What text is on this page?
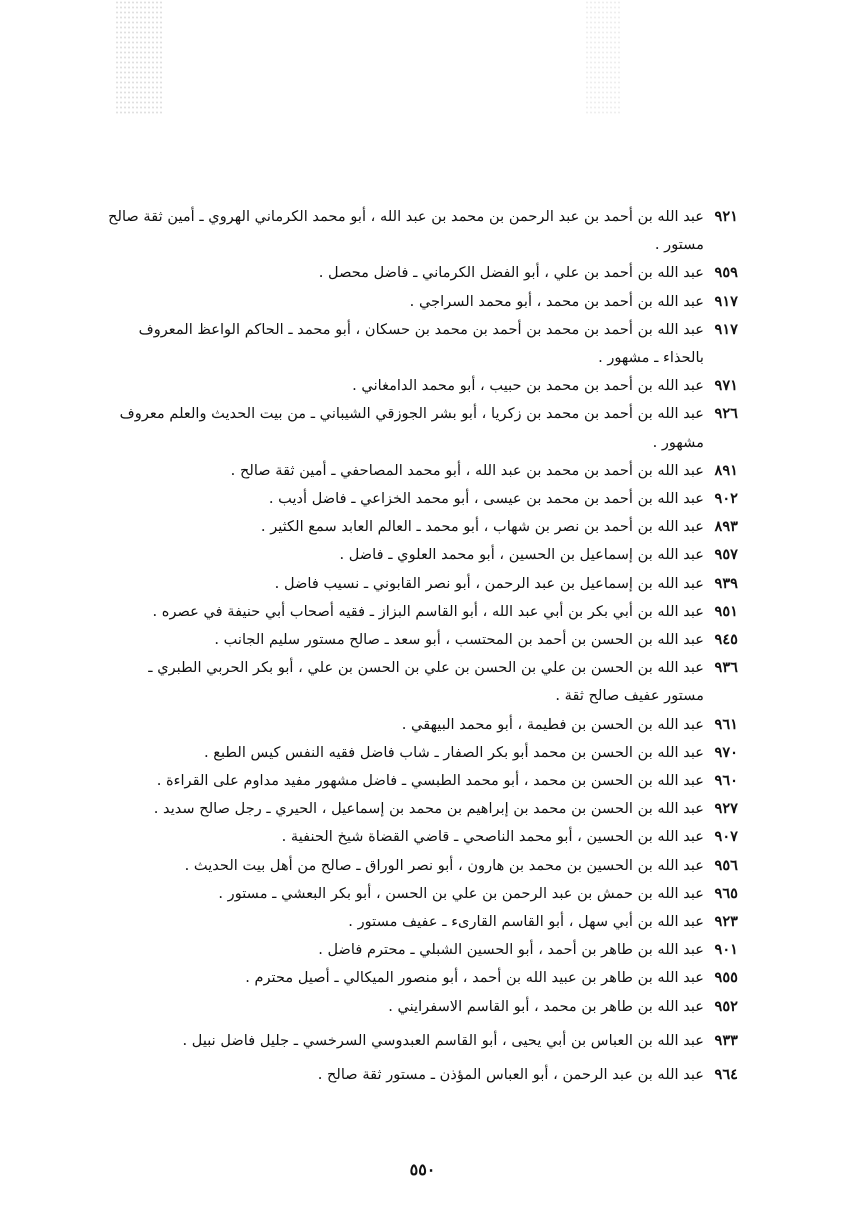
٩٢١
عبد الله بن أحمد بن عبد الرحمن بن محمد بن عبد الله ، أبو محمد الكرماني الهروي ـ أمين ثقة صالح مستور .
٩٥٩
عبد الله بن أحمد بن علي ، أبو الفضل الكرماني ـ فاضل محصل .
٩١٧
عبد الله بن أحمد بن محمد ، أبو محمد السراجي .
٩١٧
عبد الله بن أحمد بن محمد بن أحمد بن محمد بن حسكان ، أبو محمد ـ الحاكم الواعظ المعروف بالحذاء ـ مشهور .
٩٧١
عبد الله بن أحمد بن محمد بن حبيب ، أبو محمد الدامغاني .
٩٢٦
عبد الله بن أحمد بن محمد بن زكريا ، أبو بشر الجوزقي الشيباني ـ من بيت الحديث والعلم معروف مشهور .
٨٩١
عبد الله بن أحمد بن محمد بن عبد الله ، أبو محمد المصاحفي ـ أمين ثقة صالح .
٩٠٢
عبد الله بن أحمد بن محمد بن عيسى ، أبو محمد الخزاعي ـ فاضل أديب .
٨٩٣
عبد الله بن أحمد بن نصر بن شهاب ، أبو محمد ـ العالم العابد سمع الكثير .
٩٥٧
عبد الله بن إسماعيل بن الحسين ، أبو محمد العلوي ـ فاضل .
٩٣٩
عبد الله بن إسماعيل بن عبد الرحمن ، أبو نصر القابوني ـ نسيب فاضل .
٩٥١
عبد الله بن أبي بكر بن أبي عبد الله ، أبو القاسم البزاز ـ فقيه أصحاب أبي حنيفة في عصره .
٩٤٥
عبد الله بن الحسن بن أحمد بن المحتسب ، أبو سعد ـ صالح مستور سليم الجانب .
٩٣٦
عبد الله بن الحسن بن علي بن الحسن بن علي بن الحسن بن علي ، أبو بكر الحربي الطبري ـ مستور عفيف صالح ثقة .
٩٦١
عبد الله بن الحسن بن فطيمة ، أبو محمد البيهقي .
٩٧٠
عبد الله بن الحسن بن محمد أبو بكر الصفار ـ شاب فاضل فقيه النفس كيس الطبع .
٩٦٠
عبد الله بن الحسن بن محمد ، أبو محمد الطبسي ـ فاضل مشهور مفيد مداوم على القراءة .
٩٢٧
عبد الله بن الحسن بن محمد بن إبراهيم بن محمد بن إسماعيل ، الحيري ـ رجل صالح سديد .
٩٠٧
عبد الله بن الحسين ، أبو محمد الناصحي ـ قاضي القضاة شيخ الحنفية .
٩٥٦
عبد الله بن الحسين بن محمد بن هارون ، أبو نصر الوراق ـ صالح من أهل بيت الحديث .
٩٦٥
عبد الله بن حمش بن عبد الرحمن بن علي بن الحسن ، أبو بكر البعشي ـ مستور .
٩٢٣
عبد الله بن أبي سهل ، أبو القاسم القارىء ـ عفيف مستور .
٩٠١
عبد الله بن طاهر بن أحمد ، أبو الحسين الشبلي ـ محترم فاضل .
٩٥٥
عبد الله بن طاهر بن عبيد الله بن أحمد ، أبو منصور الميكالي ـ أصيل محترم .
٩٥٢
عبد الله بن طاهر بن محمد ، أبو القاسم الاسفرايني .
٩٣٣
عبد الله بن العباس بن أبي يحيى ، أبو القاسم العبدوسي السرخسي ـ جليل فاضل نبيل .
٩٦٤
عبد الله بن عبد الرحمن ، أبو العباس المؤذن ـ مستور ثقة صالح .
٥٥٠
